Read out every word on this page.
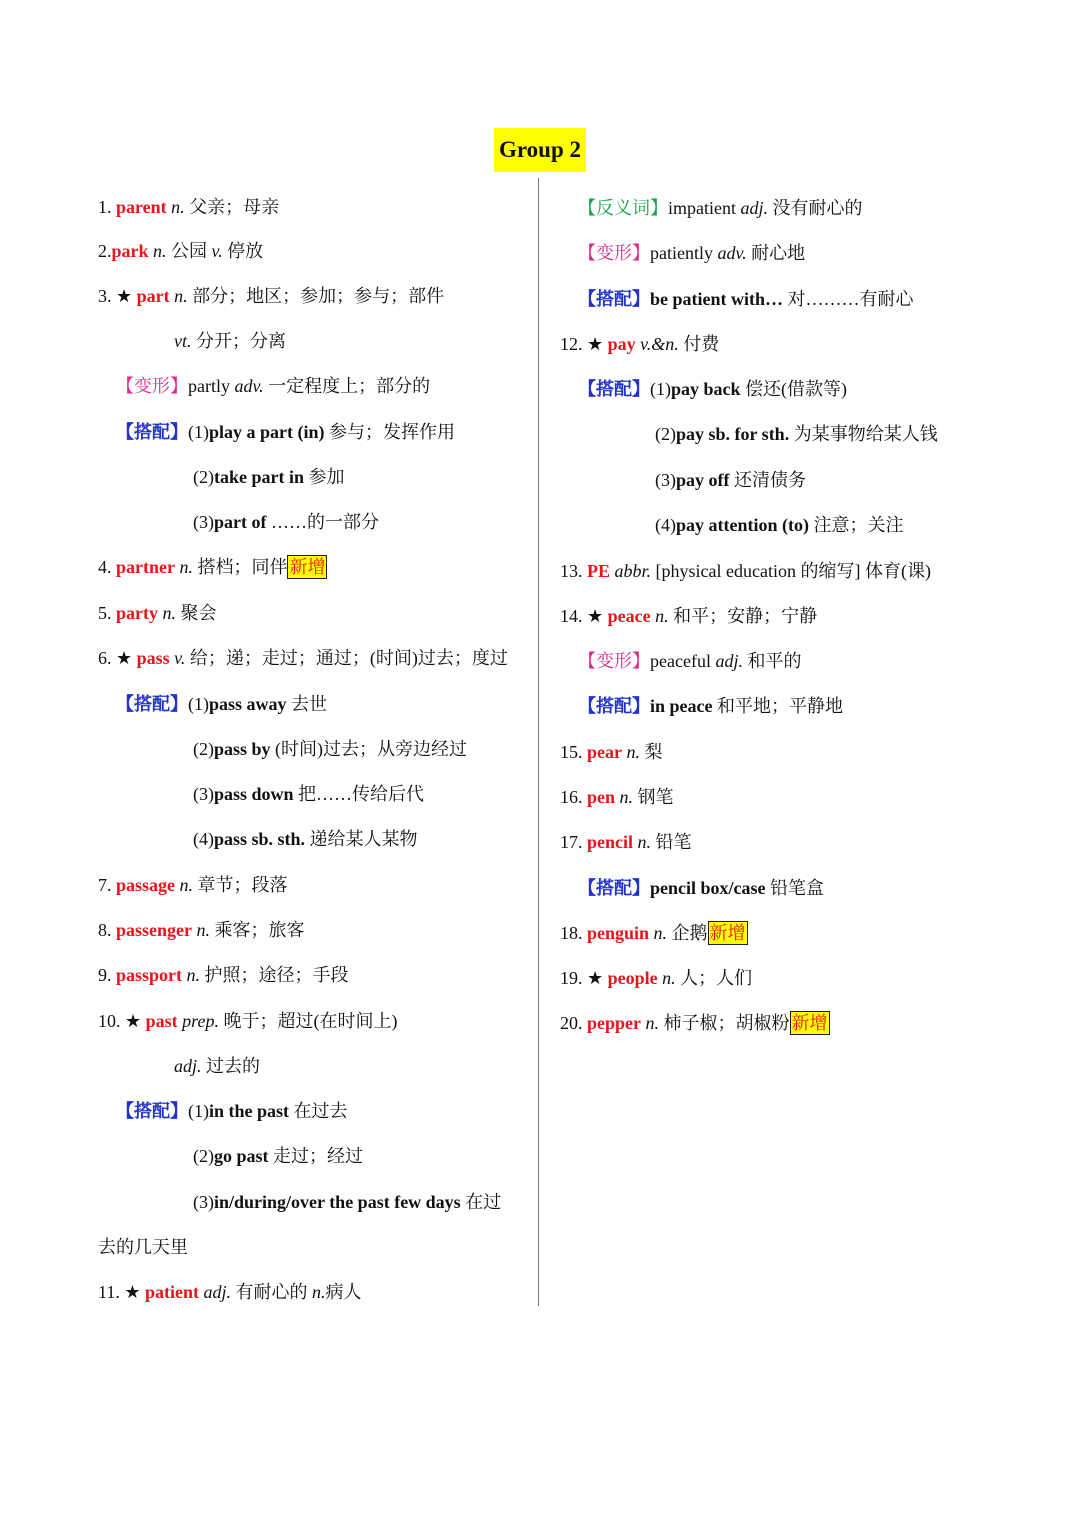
Group 2
1. parent n. 父亲；母亲
2.park n. 公园 v. 停放
3. ★ part n. 部分；地区；参加；参与；部件
vt. 分开；分离
【变形】partly adv. 一定程度上；部分的
【搭配】(1)play a part (in) 参与；发挥作用
(2)take part in 参加
(3)part of ……的一部分
4. partner n. 搭档；同伴 新增
5. party n. 聚会
6. ★ pass v. 给；递；走过；通过；(时间)过去；度过
【搭配】(1)pass away 去世
(2)pass by (时间)过去；从旁边经过
(3)pass down 把……传给后代
(4)pass sb. sth. 递给某人某物
7. passage n. 章节；段落
8. passenger n. 乘客；旅客
9. passport n. 护照；途径；手段
10. ★ past prep. 晚于；超过(在时间上)
adj. 过去的
【搭配】(1)in the past 在过去
(2)go past 走过；经过
(3)in/during/over the past few days 在过
去的几天里
11. ★ patient adj. 有耐心的 n.病人
【反义词】impatient adj. 没有耐心的
【变形】patiently adv. 耐心地
【搭配】be patient with… 对………有耐心
12. ★ pay v.&n. 付费
【搭配】(1)pay back 偿还(借款等)
(2)pay sb. for sth. 为某事物给某人钱
(3)pay off 还清债务
(4)pay attention (to) 注意；关注
13. PE abbr. [physical education 的缩写] 体育(课)
14. ★ peace n. 和平；安静；宁静
【变形】peaceful adj. 和平的
【搭配】in peace 和平地；平静地
15. pear n. 梨
16. pen n. 钢笔
17. pencil n. 铅笔
【搭配】pencil box/case 铅笔盒
18. penguin n. 企鹅 新增
19. ★ people n. 人；人们
20. pepper n. 柿子椒；胡椒粉 新增
